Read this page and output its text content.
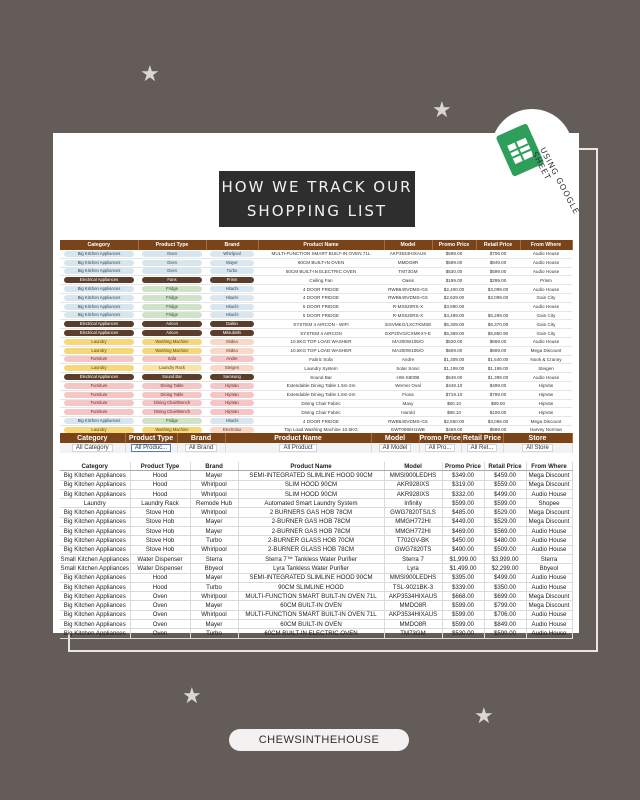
★
★
★
★
HOW WE TRACK OUR
SHOPPING LIST
Category	Product Type	Brand	Product Name	Model	Promo Price	Retail Price	From Where

Big Kitchen Appliances	Oven	Whirlpool	MULTI-FUNCTION SMART BUILT-IN OVEN 71L	AKP3534HIXAUS	$599.00	$706.00	Audio House

Big Kitchen Appliances	Oven	Mayer	60CM BUILT-IN OVEN	MMDO8R	$599.00	$849.00	Audio House

Big Kitchen Appliances	Oven	Turbo	60CM BUILT-IN ELECTRIC OVEN	TM73GM	$530.00	$599.00	Audio House

Electrical Appliances	Fans	Prism	Ceiling Fan	Oasis	$199.00	$299.00	Prism

Big Kitchen Appliances	Fridge	Hitachi	4 DOOR FRIDGE	RWB640VDMS-GS	$2,400.00	$3,099.00	Audio House

Big Kitchen Appliances	Fridge	Hitachi	4 DOOR FRIDGE	RWB640VDMS-GS	$2,629.00	$3,099.00	Gain City

Big Kitchen Appliances	Fridge	Hitachi	5 DOOR FRIDGE	R-MX620RS-X	$3,990.00		Audio House

Big Kitchen Appliances	Fridge	Hitachi	5 DOOR FRIDGE	R-MX620RS-X	$4,499.00	$5,299.00	Gain City

Electrical Appliances	Aircon	Daikin	SYSTEM 4 AIRCON - WIFI	iSSVMKG/LXCTKMSE	$5,309.00	$6,370.00	Gain City

Electrical Appliances	Aircon	Mitsubishi	SYSTEM 4 AIRCON	EXP20VG/CXMKXY-E	$5,359.00	$5,850.90	Gain City

Laundry	Washing Machine	Midea	10.5KG TOP LOAD WASHER	MA200W105/O	$520.00	$669.00	Audio House

Laundry	Washing Machine	Midea	10.5KG TOP LOAD WASHER	MA200W105/O	$609.00	$669.00	Mega Discount

Furniture	Sofa	Andre	Fabric Sofa	Andre	$1,309.00	$1,540.00	Nook & Cranny

Laundry	Laundry Rack	Steigen	Laundry System	Solar Sonic	$1,199.00	$1,199.00	Steigen

Electrical Appliances	Sound Bar	Samsung	Sound Bar	HW-S800B	$649.00	$1,399.00	Audio House

Furniture	Dining Table	HipVan	Extendable Dining Table 1.5m-2m	Werner Oval	$449.10	$499.00	HipVan

Furniture	Dining Table	HipVan	Extendable Dining Table 1.6m-2m	Fiona	$719.10	$799.00	HipVan

Furniture	Dining Chair/Bench	HipVan	Dining Chair Fabric	Maxy	$80.10	$89.00	HipVan

Furniture	Dining Chair/Bench	HipVan	Dining Chair Fabric	Harold	$98.10	$109.00	HipVan

Big Kitchen Appliances	Fridge	Hitachi	4 DOOR FRIDGE	RWB640VDMS-GS	$2,550.00	$3,066.00	Mega Discount

Laundry	Washing Machine	Electrolux	Top Load Washing Machine 10.5KG	EWT0988H1WB	$469.00	$599.00	Harvey Norman
Category	Product Type	Brand	Product Name	Model	Promo Price	Retail Price	Store
All Category	All Produc...	All Brand	All Product	All Model	All Pro...	All Ret...	All Store
Category	Product Type	Brand	Product Name	Model	Promo Price	Retail Price	From Where
Big Kitchen Appliances	Hood	Mayer	SEMI-INTEGRATED SLIMLINE HOOD 90CM	MMSI900LEDHS	$349.00	$459.00	Mega Discount
Big Kitchen Appliances	Hood	Whirlpool	SLIM HOOD 90CM	AKR928IXS	$319.00	$559.00	Mega Discount
Big Kitchen Appliances	Hood	Whirlpool	SLIM HOOD 90CM	AKR928IXS	$332.00	$499.00	Audio House
Laundry	Laundry Rack	Remode Hub	Automated Smart Laundry System	Infinity	$599.00	$599.00	Shopee
Big Kitchen Appliances	Stove Hob	Whirlpool	2 BURNERS GAS HOB 78CM	GWG7820TS/LS	$485.00	$529.00	Mega Discount
Big Kitchen Appliances	Stove Hob	Mayer	2-BURNER GAS HOB 78CM	MMGH772HI	$449.00	$529.00	Mega Discount
Big Kitchen Appliances	Stove Hob	Mayer	2-BURNER GAS HOB 78CM	MMGH772HI	$469.00	$569.00	Audio House
Big Kitchen Appliances	Stove Hob	Turbo	2-BURNER GLASS HOB 70CM	T702GV-BK	$450.00	$480.00	Audio House
Big Kitchen Appliances	Stove Hob	Whirlpool	2-BURNER GLASS HOB 78CM	GWG7820TS	$490.00	$509.00	Audio House
Small Kitchen Appliances	Water Dispenser	Sterra	Sterra 7™ Tankless Water Purifier	Sterra 7	$1,999.00	$3,999.00	Sterra
Small Kitchen Appliances	Water Dispenser	Bbyeol	Lyra Tankless Water Purifier	Lyra	$1,499.00	$2,299.00	Bbyeol
Big Kitchen Appliances	Hood	Mayer	SEMI-INTEGRATED SLIMLINE HOOD 90CM	MMSI900LEDHS	$395.00	$499.00	Audio House
Big Kitchen Appliances	Hood	Turbo	90CM SLIMLINE HOOD	TSL-9021BK-3	$339.00	$350.00	Audio House
Big Kitchen Appliances	Oven	Whirlpool	MULTI-FUNCTION SMART BUILT-IN OVEN 71L	AKP3534HIXAUS	$668.00	$699.00	Mega Discount
Big Kitchen Appliances	Oven	Mayer	60CM BUILT-IN OVEN	MMDO8R	$599.00	$799.00	Mega Discount
Big Kitchen Appliances	Oven	Whirlpool	MULTI-FUNCTION SMART BUILT-IN OVEN 71L	AKP3534HIXAUS	$599.00	$706.00	Audio House
Big Kitchen Appliances	Oven	Mayer	60CM BUILT-IN OVEN	MMDO8R	$599.00	$849.00	Audio House
Big Kitchen Appliances	Oven	Turbo	60CM BUILT-IN ELECTRIC OVEN	TM73GM	$530.00	$599.00	Audio House
USING GOOGLE SHEET
CHEWSINTHEHOUSE
